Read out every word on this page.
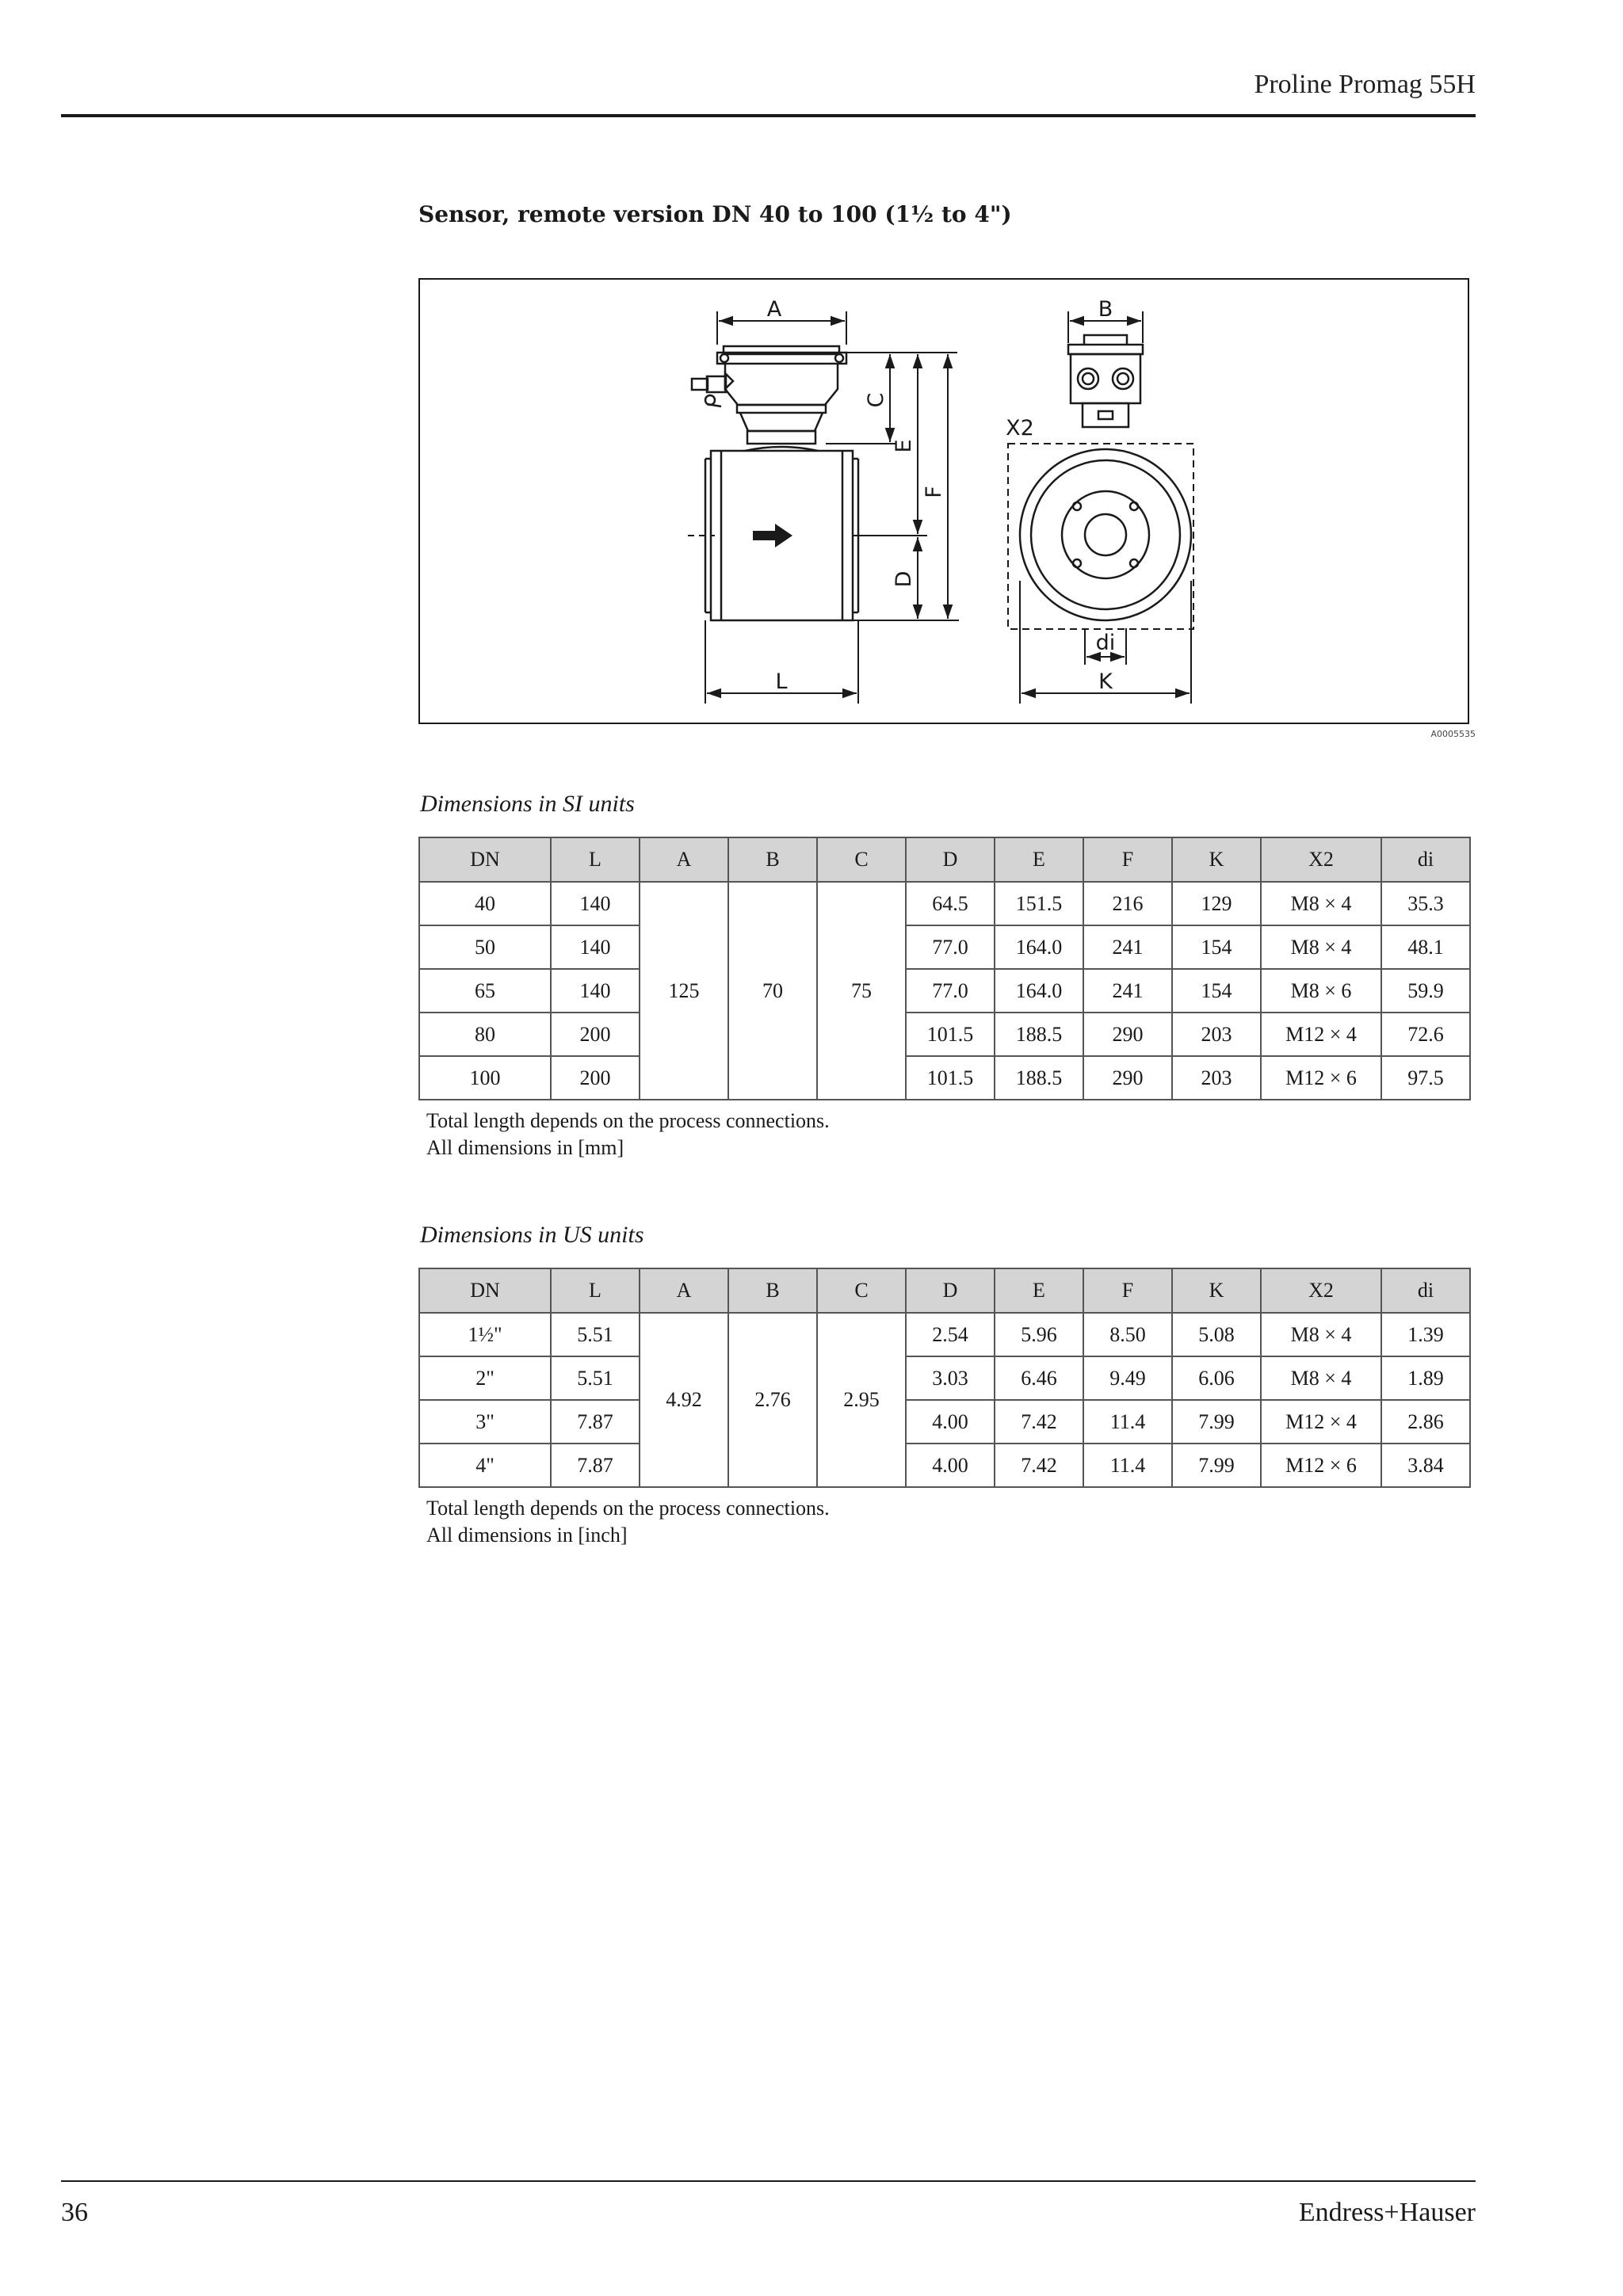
Proline Promag 55H
Sensor, remote version DN 40 to 100 (1½ to 4")
A	B
C
E
F
D
L	K
X2
di
A0005535
Dimensions in SI units
DN	L	A	B	C	D	E	F	K	X2	di
40	140	125	70	75	64.5	151.5	216	129	M8 × 4	35.3
50	140				77.0	164.0	241	154	M8 × 4	48.1
65	140				77.0	164.0	241	154	M8 × 6	59.9
80	200				101.5	188.5	290	203	M12 × 4	72.6
100	200				101.5	188.5	290	203	M12 × 6	97.5
Total length depends on the process connections.
All dimensions in [mm]
Dimensions in US units
DN	L	A	B	C	D	E	F	K	X2	di
1½"	5.51	4.92	2.76	2.95	2.54	5.96	8.50	5.08	M8 × 4	1.39
2"	5.51				3.03	6.46	9.49	6.06	M8 × 4	1.89
3"	7.87				4.00	7.42	11.4	7.99	M12 × 4	2.86
4"	7.87				4.00	7.42	11.4	7.99	M12 × 6	3.84
Total length depends on the process connections.
All dimensions in [inch]
36	Endress+Hauser
